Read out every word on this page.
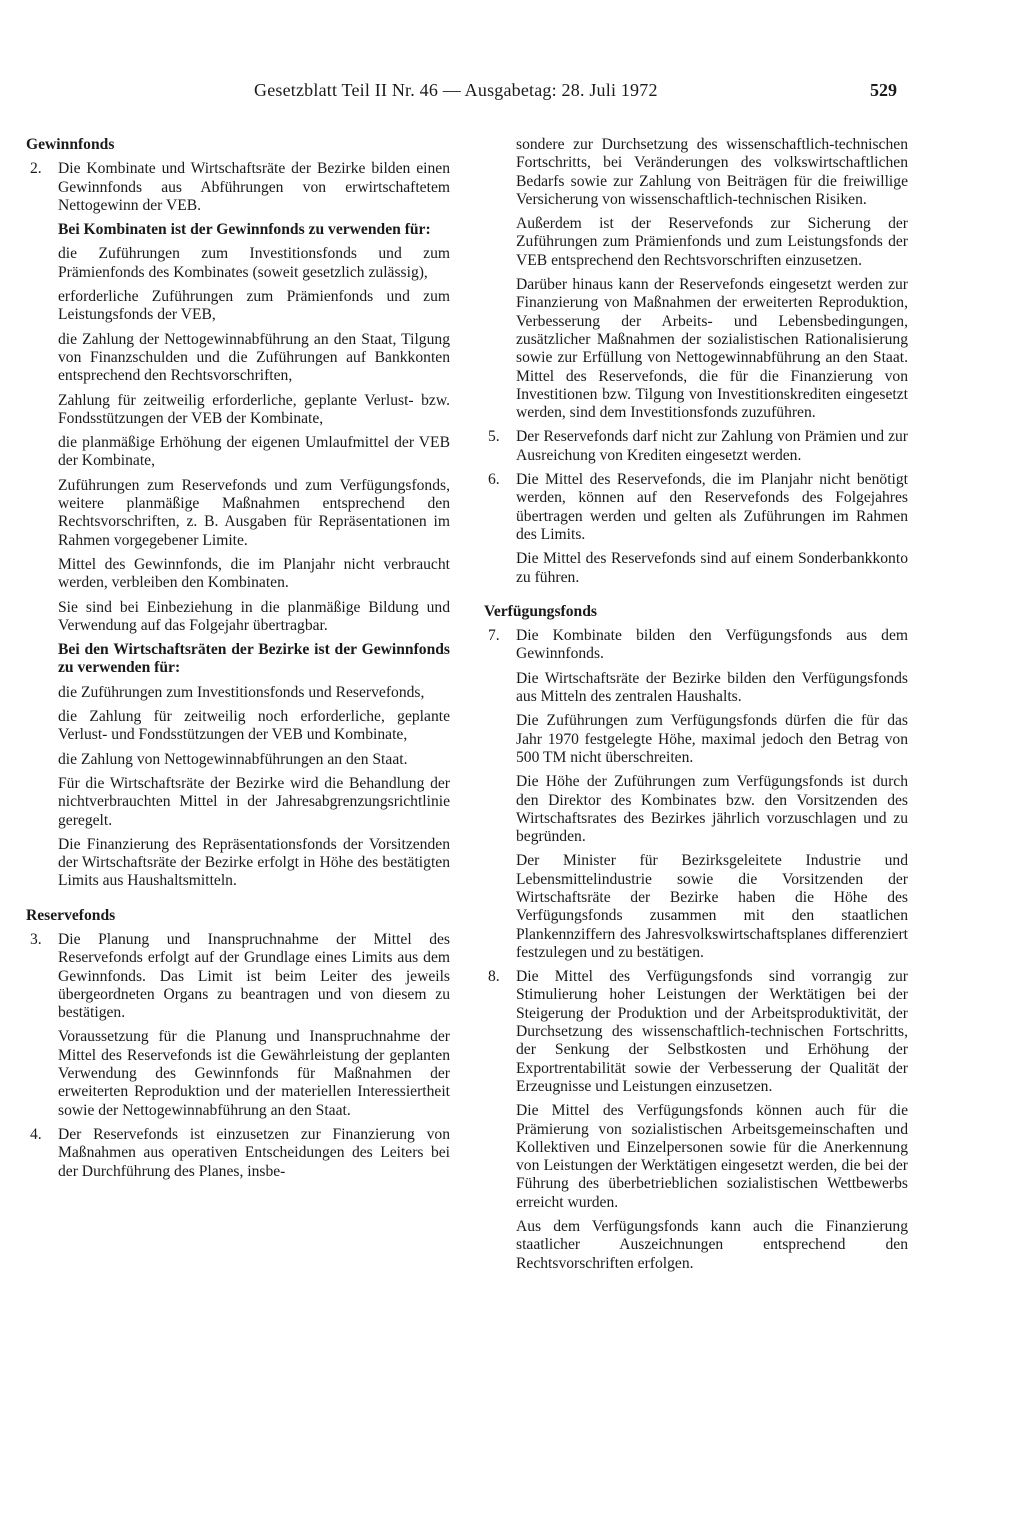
Gesetzblatt Teil II Nr. 46 — Ausgabetag: 28. Juli 1972	529
Gewinnfonds

2. Die Kombinate und Wirtschaftsräte der Bezirke bilden einen Gewinnfonds aus Abführungen von erwirtschaftetem Nettogewinn der VEB.

Bei Kombinaten ist der Gewinnfonds zu verwenden für:

die Zuführungen zum Investitionsfonds und zum Prämienfonds des Kombinates (soweit gesetzlich zulässig),

erforderliche Zuführungen zum Prämienfonds und zum Leistungsfonds der VEB,

die Zahlung der Nettogewinnabführung an den Staat, Tilgung von Finanzschulden und die Zuführungen auf Bankkonten entsprechend den Rechtsvorschriften,

Zahlung für zeitweilig erforderliche, geplante Verlust- bzw. Fondsstützungen der VEB der Kombinate,

die planmäßige Erhöhung der eigenen Umlaufmittel der VEB der Kombinate,

Zuführungen zum Reservefonds und zum Verfügungsfonds, weitere planmäßige Maßnahmen entsprechend den Rechtsvorschriften, z. B. Ausgaben für Repräsentationen im Rahmen vorgegebener Limite.

Mittel des Gewinnfonds, die im Planjahr nicht verbraucht werden, verbleiben den Kombinaten.

Sie sind bei Einbeziehung in die planmäßige Bildung und Verwendung auf das Folgejahr übertragbar.

Bei den Wirtschaftsräten der Bezirke ist der Gewinnfonds zu verwenden für:

die Zuführungen zum Investitionsfonds und Reservefonds,

die Zahlung für zeitweilig noch erforderliche, geplante Verlust- und Fondsstützungen der VEB und Kombinate,

die Zahlung von Nettogewinnabführungen an den Staat.

Für die Wirtschaftsräte der Bezirke wird die Behandlung der nichtverbrauchten Mittel in der Jahresabgrenzungsrichtlinie geregelt.

Die Finanzierung des Repräsentationsfonds der Vorsitzenden der Wirtschaftsräte der Bezirke erfolgt in Höhe des bestätigten Limits aus Haushaltsmitteln.

Reservefonds

3. Die Planung und Inanspruchnahme der Mittel des Reservefonds erfolgt auf der Grundlage eines Limits aus dem Gewinnfonds. Das Limit ist beim Leiter des jeweils übergeordneten Organs zu beantragen und von diesem zu bestätigen.

Voraussetzung für die Planung und Inanspruchnahme der Mittel des Reservefonds ist die Gewährleistung der geplanten Verwendung des Gewinnfonds für Maßnahmen der erweiterten Reproduktion und der materiellen Interessiertheit sowie der Nettogewinnabführung an den Staat.

4. Der Reservefonds ist einzusetzen zur Finanzierung von Maßnahmen aus operativen Entscheidungen des Leiters bei der Durchführung des Planes, insbe-

sondere zur Durchsetzung des wissenschaftlich-technischen Fortschritts, bei Veränderungen des volkswirtschaftlichen Bedarfs sowie zur Zahlung von Beiträgen für die freiwillige Versicherung von wissenschaftlich-technischen Risiken.

Außerdem ist der Reservefonds zur Sicherung der Zuführungen zum Prämienfonds und zum Leistungsfonds der VEB entsprechend den Rechtsvorschriften einzusetzen.

Darüber hinaus kann der Reservefonds eingesetzt werden zur Finanzierung von Maßnahmen der erweiterten Reproduktion, Verbesserung der Arbeits- und Lebensbedingungen, zusätzlicher Maßnahmen der sozialistischen Rationalisierung sowie zur Erfüllung von Nettogewinnabführung an den Staat. Mittel des Reservefonds, die für die Finanzierung von Investitionen bzw. Tilgung von Investitionskrediten eingesetzt werden, sind dem Investitionsfonds zuzuführen.

5. Der Reservefonds darf nicht zur Zahlung von Prämien und zur Ausreichung von Krediten eingesetzt werden.

6. Die Mittel des Reservefonds, die im Planjahr nicht benötigt werden, können auf den Reservefonds des Folgejahres übertragen werden und gelten als Zuführungen im Rahmen des Limits.

Die Mittel des Reservefonds sind auf einem Sonderbankkonto zu führen.

Verfügungsfonds

7. Die Kombinate bilden den Verfügungsfonds aus dem Gewinnfonds.

Die Wirtschaftsräte der Bezirke bilden den Verfügungsfonds aus Mitteln des zentralen Haushalts.

Die Zuführungen zum Verfügungsfonds dürfen die für das Jahr 1970 festgelegte Höhe, maximal jedoch den Betrag von 500 TM nicht überschreiten.

Die Höhe der Zuführungen zum Verfügungsfonds ist durch den Direktor des Kombinates bzw. den Vorsitzenden des Wirtschaftsrates des Bezirkes jährlich vorzuschlagen und zu begründen.

Der Minister für Bezirksgeleitete Industrie und Lebensmittelindustrie sowie die Vorsitzenden der Wirtschaftsräte der Bezirke haben die Höhe des Verfügungsfonds zusammen mit den staatlichen Plankennziffern des Jahresvolkswirtschaftsplanes differenziert festzulegen und zu bestätigen.

8. Die Mittel des Verfügungsfonds sind vorrangig zur Stimulierung hoher Leistungen der Werktätigen bei der Steigerung der Produktion und der Arbeitsproduktivität, der Durchsetzung des wissenschaftlich-technischen Fortschritts, der Senkung der Selbstkosten und Erhöhung der Exportrentabilität sowie der Verbesserung der Qualität der Erzeugnisse und Leistungen einzusetzen.

Die Mittel des Verfügungsfonds können auch für die Prämierung von sozialistischen Arbeitsgemeinschaften und Kollektiven und Einzelpersonen sowie für die Anerkennung von Leistungen der Werktätigen eingesetzt werden, die bei der Führung des überbetrieblichen sozialistischen Wettbewerbs erreicht wurden.

Aus dem Verfügungsfonds kann auch die Finanzierung staatlicher Auszeichnungen entsprechend den Rechtsvorschriften erfolgen.
